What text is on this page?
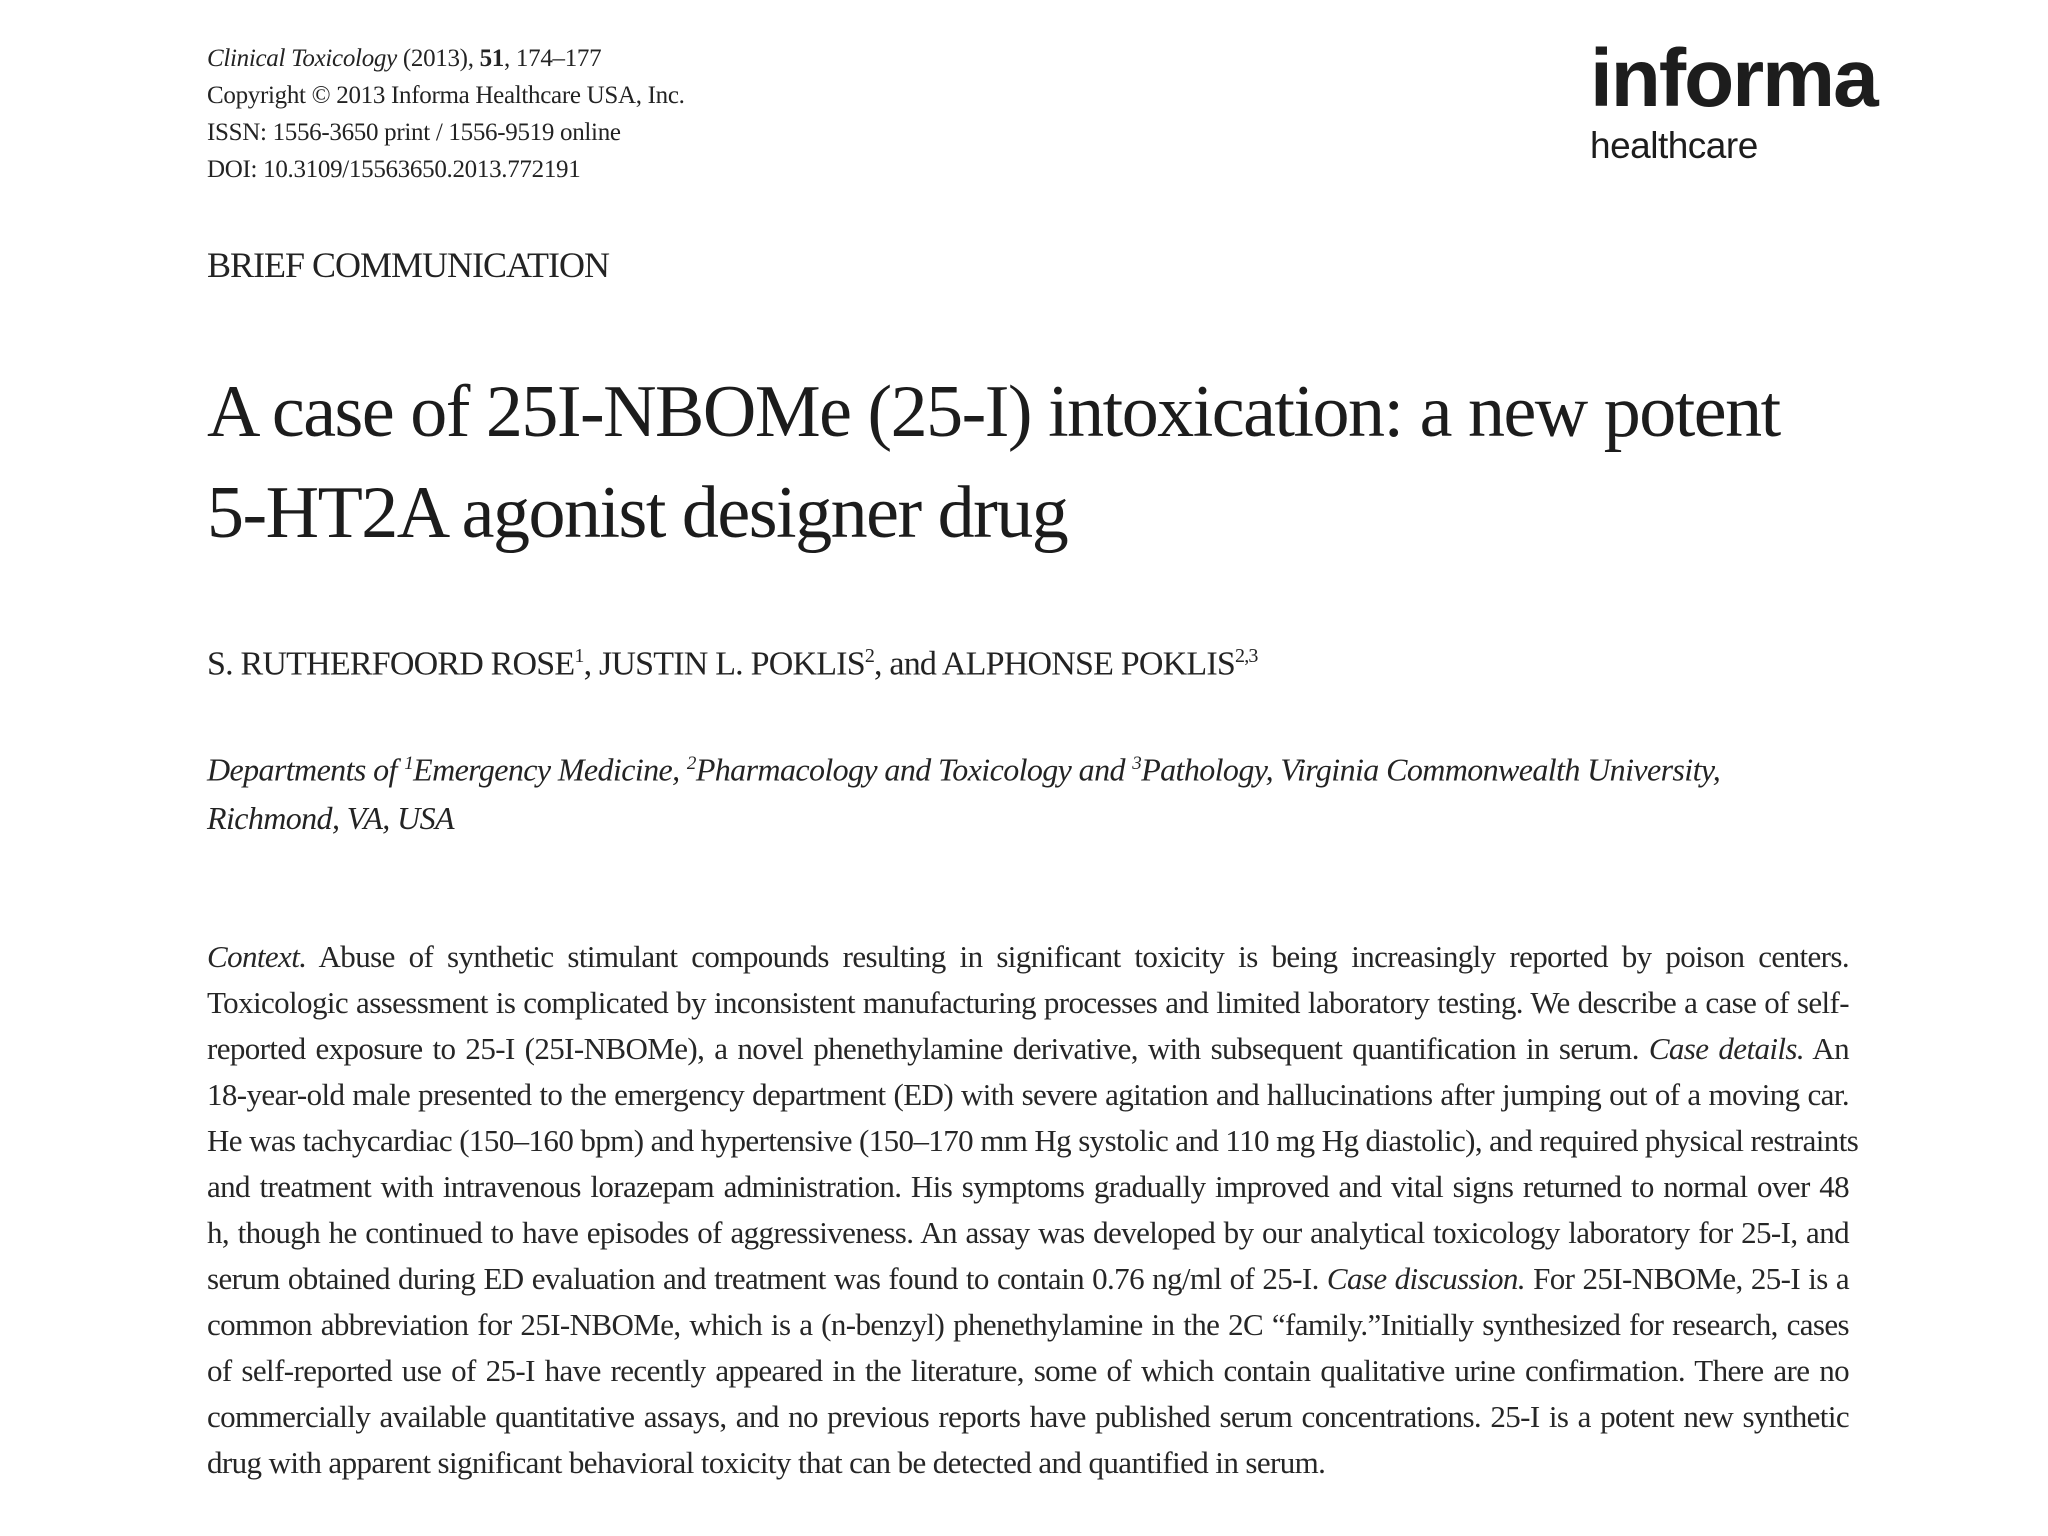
Clinical Toxicology (2013), 51, 174–177
Copyright © 2013 Informa Healthcare USA, Inc.
ISSN: 1556-3650 print / 1556-9519 online
DOI: 10.3109/15563650.2013.772191
informa
healthcare
BRIEF COMMUNICATION
A case of 25I-NBOMe (25-I) intoxication: a new potent
5-HT2A agonist designer drug
S. RUTHERFOORD ROSE$^1$, JUSTIN L. POKLIS$^2$, and ALPHONSE POKLIS$^{2,3}$
Departments of $^1$Emergency Medicine, $^2$Pharmacology and Toxicology and $^3$Pathology, Virginia Commonwealth University,
Richmond, VA, USA
Context. Abuse of synthetic stimulant compounds resulting in significant toxicity is being increasingly reported by poison centers.
Toxicologic assessment is complicated by inconsistent manufacturing processes and limited laboratory testing. We describe a case of self-
reported exposure to 25-I (25I-NBOMe), a novel phenethylamine derivative, with subsequent quantification in serum. Case details. An
18-year-old male presented to the emergency department (ED) with severe agitation and hallucinations after jumping out of a moving car.
He was tachycardiac (150–160 bpm) and hypertensive (150–170 mm Hg systolic and 110 mg Hg diastolic), and required physical restraints
and treatment with intravenous lorazepam administration. His symptoms gradually improved and vital signs returned to normal over 48
h, though he continued to have episodes of aggressiveness. An assay was developed by our analytical toxicology laboratory for 25-I, and
serum obtained during ED evaluation and treatment was found to contain 0.76 ng/ml of 25-I. Case discussion. For 25I-NBOMe, 25-I is a
common abbreviation for 25I-NBOMe, which is a (n-benzyl) phenethylamine in the 2C “family.”Initially synthesized for research, cases
of self-reported use of 25-I have recently appeared in the literature, some of which contain qualitative urine confirmation. There are no
commercially available quantitative assays, and no previous reports have published serum concentrations. 25-I is a potent new synthetic
drug with apparent significant behavioral toxicity that can be detected and quantified in serum.
